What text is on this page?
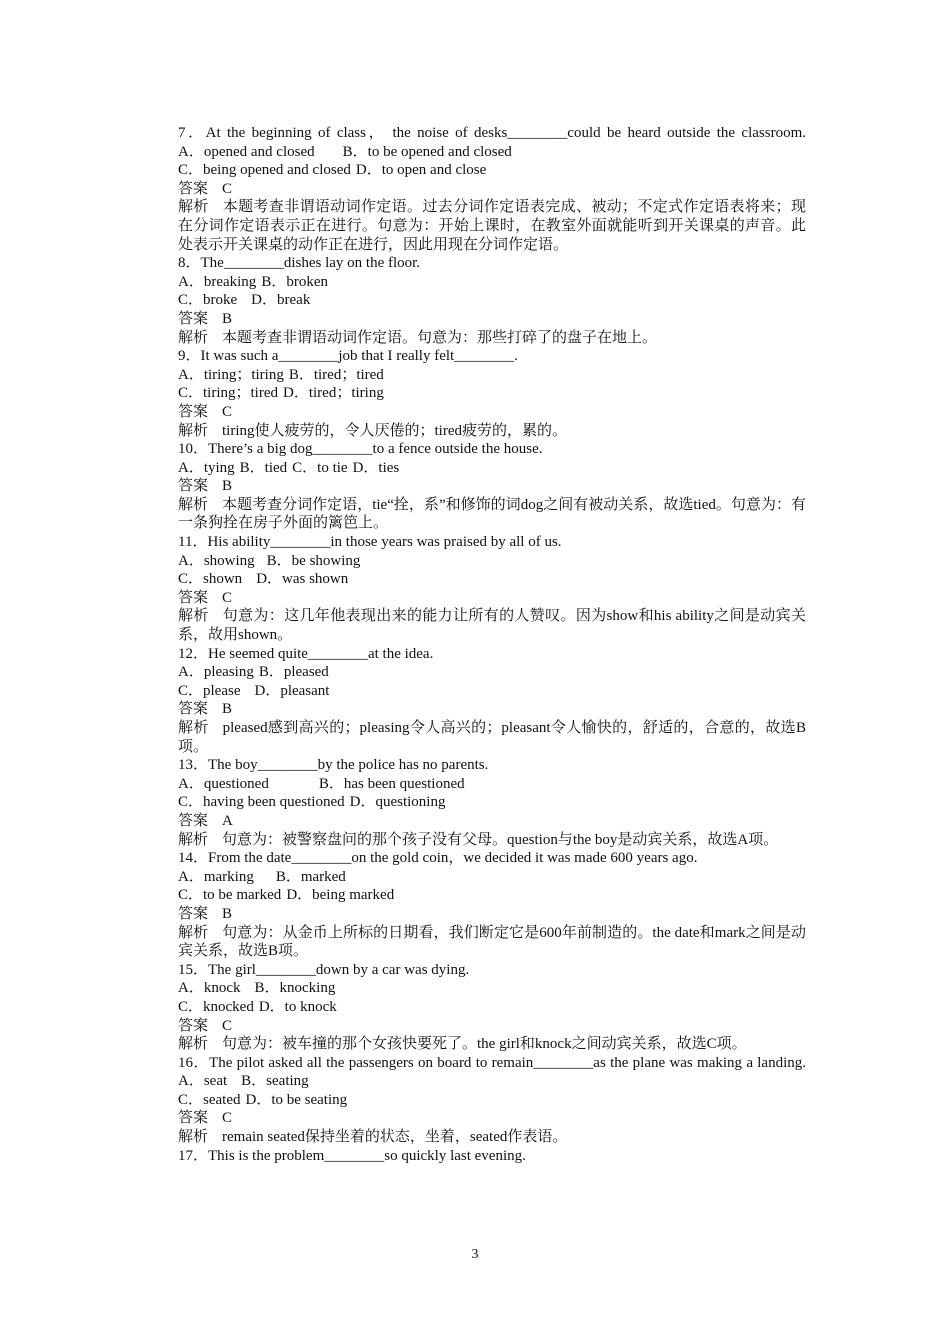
7．At the beginning of class， the noise of desks________could be heard outside the classroom.

A．opened and closed B．to be opened and closed

C．being opened and closed D．to open and close

答案 C

解析 本题考查非谓语动词作定语。过去分词作定语表完成、被动；不定式作定语表将来；现在分词作定语表示正在进行。句意为：开始上课时，在教室外面就能听到开关课桌的声音。此处表示开关课桌的动作正在进行，因此用现在分词作定语。

8．The________dishes lay on the floor.

A．breaking B．broken

C．broke D．break

答案 B

解析 本题考查非谓语动词作定语。句意为：那些打碎了的盘子在地上。

9．It was such a________job that I really felt________.

A．tiring；tiring B．tired；tired

C．tiring；tired D．tired；tiring

答案 C

解析 tiring使人疲劳的，令人厌倦的；tired疲劳的，累的。

10．There’s a big dog________to a fence outside the house.

A．tying B．tied C．to tie D．ties

答案 B

解析 本题考查分词作定语，tie“拴，系”和修饰的词dog之间有被动关系，故选tied。句意为：有一条狗拴在房子外面的篱笆上。

11．His ability________in those years was praised by all of us.

A．showing B．be showing

C．shown D．was shown

答案 C

解析 句意为：这几年他表现出来的能力让所有的人赞叹。因为show和his ability之间是动宾关系，故用shown。

12．He seemed quite________at the idea.

A．pleasing B．pleased

C．please D．pleasant

答案 B

解析 pleased感到高兴的；pleasing令人高兴的；pleasant令人愉快的，舒适的，合意的，故选B项。

13．The boy________by the police has no parents.

A．questioned	B．has been questioned

C．having been questioned D．questioning

答案 A

解析 句意为：被警察盘问的那个孩子没有父母。question与the boy是动宾关系，故选A项。

14．From the date________on the gold coin，we decided it was made 600 years ago.

A．marking B．marked

C．to be marked D．being marked

答案 B

解析 句意为：从金币上所标的日期看，我们断定它是600年前制造的。the date和mark之间是动宾关系，故选B项。

15．The girl________down by a car was dying.

A．knock B．knocking

C．knocked D．to knock

答案 C

解析 句意为：被车撞的那个女孩快要死了。the girl和knock之间动宾关系，故选C项。

16．The pilot asked all the passengers on board to remain________as the plane was making a landing.

A．seat B．seating

C．seated D．to be seating

答案 C

解析 remain seated保持坐着的状态，坐着，seated作表语。

17．This is the problem________so quickly last evening.

3
